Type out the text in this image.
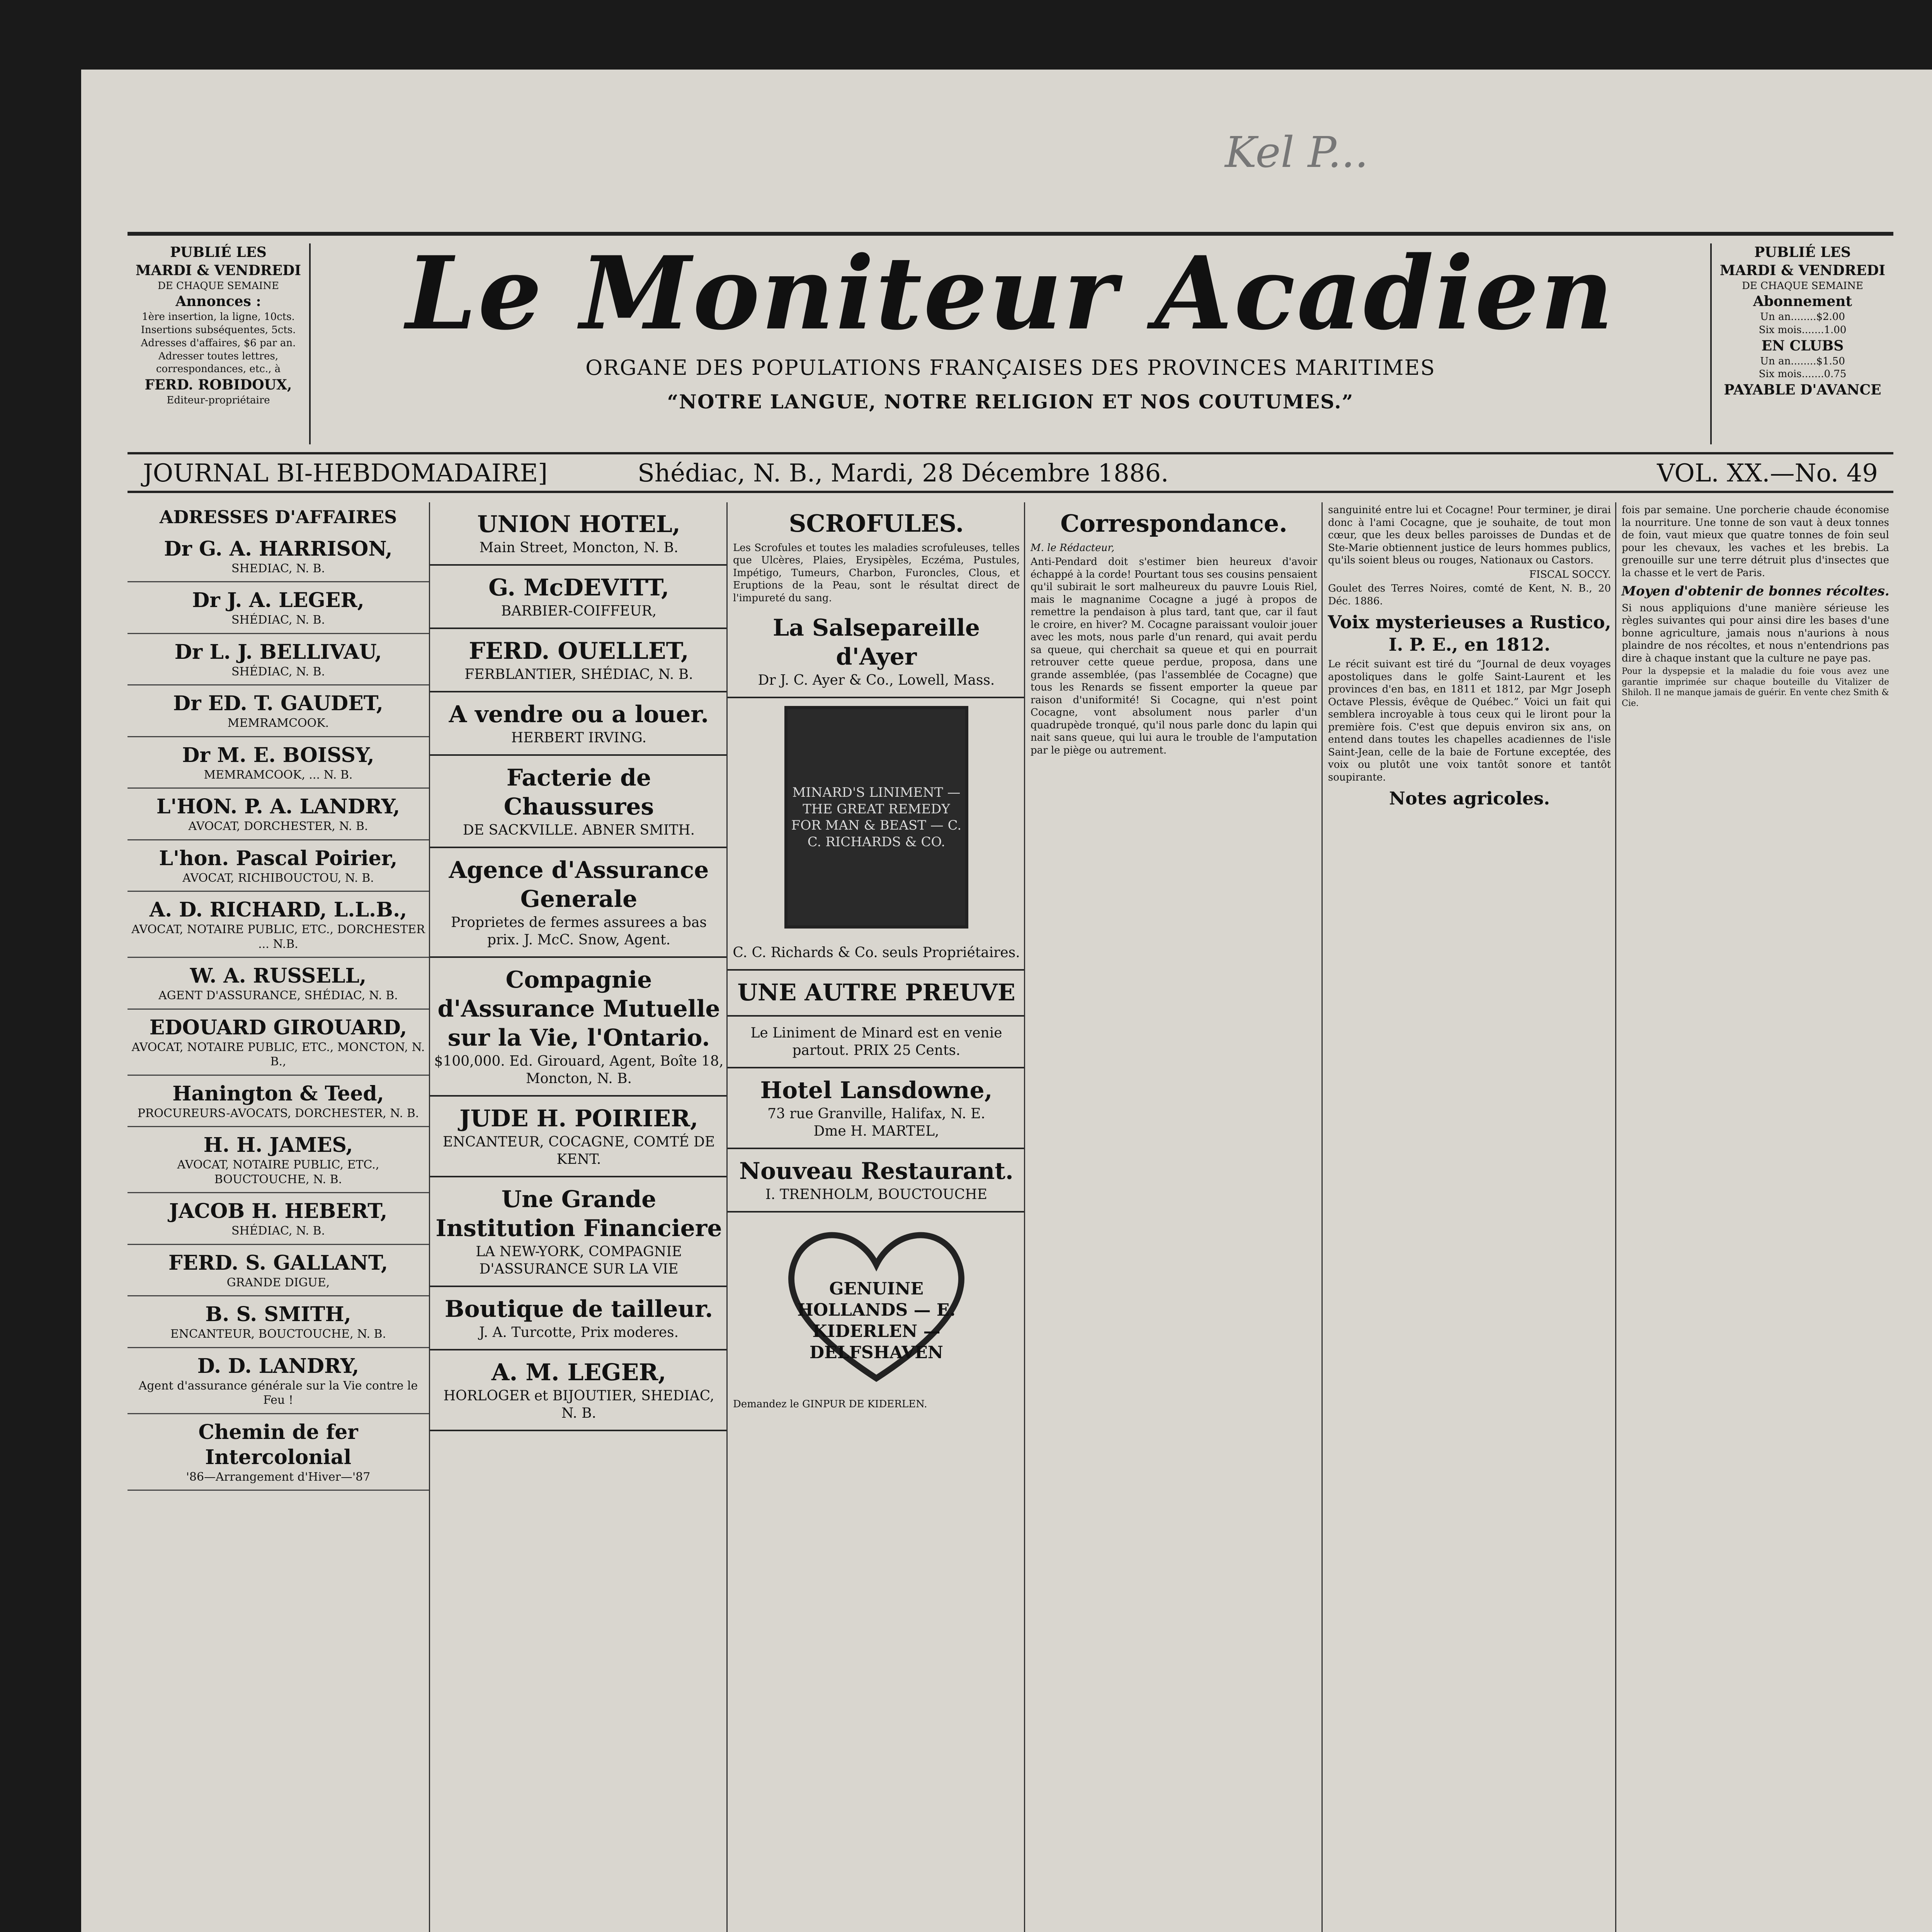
Kel P...
PUBLIÉ LES
MARDI & VENDREDI
DE CHAQUE SEMAINE
Annonces :
1ère insertion, la ligne, 10cts.
Insertions subséquentes, 5cts.
Adresses d'affaires, $6 par an.
Adresser toutes lettres, correspondances, etc., à
FERD. ROBIDOUX,
Editeur-propriétaire
Le Moniteur Acadien
ORGANE DES POPULATIONS FRANÇAISES DES PROVINCES MARITIMES
“NOTRE LANGUE, NOTRE RELIGION ET NOS COUTUMES.”
PUBLIÉ LES
MARDI & VENDREDI
DE CHAQUE SEMAINE
Abonnement
Un an........$2.00
Six mois.......1.00
EN CLUBS
Un an........$1.50
Six mois.......0.75
PAYABLE D'AVANCE
JOURNAL BI-HEBDOMADAIRE]	Shédiac, N. B., Mardi, 28 Décembre 1886.	VOL. XX.—No. 49
ADRESSES D'AFFAIRES
Dr G. A. HARRISON,
SHEDIAC, N. B.
Dr J. A. LEGER,
SHÉDIAC, N. B.
Dr L. J. BELLIVAU,
SHÉDIAC, N. B.
Dr ED. T. GAUDET,
MEMRAMCOOK.
Dr M. E. BOISSY,
MEMRAMCOOK, ... N. B.
L'HON. P. A. LANDRY,
AVOCAT, DORCHESTER, N. B.
L'hon. Pascal Poirier,
AVOCAT, RICHIBOUCTOU, N. B.
A. D. RICHARD, L.L.B.,
AVOCAT, NOTAIRE PUBLIC, ETC., DORCHESTER ... N.B.
W. A. RUSSELL,
AGENT D'ASSURANCE, SHÉDIAC, N. B.
EDOUARD GIROUARD,
AVOCAT, NOTAIRE PUBLIC, ETC., MONCTON, N. B.,
Hanington & Teed,
PROCUREURS-AVOCATS, DORCHESTER, N. B.
H. H. JAMES,
AVOCAT, NOTAIRE PUBLIC, ETC., BOUCTOUCHE, N. B.
JACOB H. HEBERT,
SHÉDIAC, N. B.
FERD. S. GALLANT,
GRANDE DIGUE,
B. S. SMITH,
ENCANTEUR, BOUCTOUCHE, N. B.
D. D. LANDRY,
Agent d'assurance générale sur la Vie contre le Feu !
Chemin de fer Intercolonial
'86—Arrangement d'Hiver—'87
UNION HOTEL,
Main Street, Moncton, N. B.
G. McDEVITT,
BARBIER-COIFFEUR,
FERD. OUELLET,
FERBLANTIER, SHÉDIAC, N. B.
A vendre ou a louer.
HERBERT IRVING.
Facterie de Chaussures
DE SACKVILLE. ABNER SMITH.
Agence d'Assurance Generale
Proprietes de fermes assurees a bas prix. J. McC. Snow, Agent.
Compagnie d'Assurance Mutuelle sur la Vie, l'Ontario.
$100,000. Ed. Girouard, Agent, Boîte 18, Moncton, N. B.
JUDE H. POIRIER,
ENCANTEUR, COCAGNE, COMTÉ DE KENT.
Une Grande Institution Financiere
LA NEW-YORK, COMPAGNIE D'ASSURANCE SUR LA VIE
Boutique de tailleur.
J. A. Turcotte, Prix moderes.
A. M. LEGER,
HORLOGER et BIJOUTIER, SHEDIAC, N. B.
SCROFULES.

Les Scrofules et toutes les maladies scrofuleuses, telles que Ulcères, Plaies, Erysipèles, Eczéma, Pustules, Impétigo, Tumeurs, Charbon, Furoncles, Clous, et Eruptions de la Peau, sont le résultat direct de l'impureté du sang.

La Salsepareille d'Ayer
Dr J. C. Ayer & Co., Lowell, Mass.
MINARD'S LINIMENT — THE GREAT REMEDY FOR MAN & BEAST — C. C. RICHARDS & CO.
C. C. Richards & Co. seuls Propriétaires.
UNE AUTRE PREUVE
Le Liniment de Minard est en venie partout. PRIX 25 Cents.
Hotel Lansdowne,
73 rue Granville, Halifax, N. E.
Dme H. MARTEL,
Nouveau Restaurant.
I. TRENHOLM, BOUCTOUCHE
GENUINE HOLLANDS — E. KIDERLEN — DELFSHAVEN

Demandez le GINPUR DE KIDERLEN.

Correspondance.

M. le Rédacteur,

Anti-Pendard doit s'estimer bien heureux d'avoir échappé à la corde! Pourtant tous ses cousins pensaient qu'il subirait le sort malheureux du pauvre Louis Riel, mais le magnanime Cocagne a jugé à propos de remettre la pendaison à plus tard, tant que, car il faut le croire, en hiver? M. Cocagne paraissant vouloir jouer avec les mots, nous parle d'un renard, qui avait perdu sa queue, qui cherchait sa queue et qui en pourrait retrouver cette queue perdue, proposa, dans une grande assemblée, (pas l'assemblée de Cocagne) que tous les Renards se fissent emporter la queue par raison d'uniformité! Si Cocagne, qui n'est point Cocagne, vont absolument nous parler d'un quadrupède tronqué, qu'il nous parle donc du lapin qui nait sans queue, qui lui aura le trouble de l'amputation par le piège ou autrement.

sanguinité entre lui et Cocagne! Pour terminer, je dirai donc à l'ami Cocagne, que je souhaite, de tout mon cœur, que les deux belles paroisses de Dundas et de Ste-Marie obtiennent justice de leurs hommes publics, qu'ils soient bleus ou rouges, Nationaux ou Castors.

FISCAL SOCCY.

Goulet des Terres Noires, comté de Kent, N. B., 20 Déc. 1886.

Voix mysterieuses a Rustico, I. P. E., en 1812.

Le récit suivant est tiré du “Journal de deux voyages apostoliques dans le golfe Saint-Laurent et les provinces d'en bas, en 1811 et 1812, par Mgr Joseph Octave Plessis, évêque de Québec.” Voici un fait qui semblera incroyable à tous ceux qui le liront pour la première fois. C'est que depuis environ six ans, on entend dans toutes les chapelles acadiennes de l'isle Saint-Jean, celle de la baie de Fortune exceptée, des voix ou plutôt une voix tantôt sonore et tantôt soupirante.

Notes agricoles.

fois par semaine. Une porcherie chaude économise la nourriture. Une tonne de son vaut à deux tonnes de foin, vaut mieux que quatre tonnes de foin seul pour les chevaux, les vaches et les brebis. La grenouille sur une terre détruit plus d'insectes que la chasse et le vert de Paris.

Moyen d'obtenir de bonnes récoltes.

Si nous appliquions d'une manière sérieuse les règles suivantes qui pour ainsi dire les bases d'une bonne agriculture, jamais nous n'aurions à nous plaindre de nos récoltes, et nous n'entendrions pas dire à chaque instant que la culture ne paye pas.

Pour la dyspepsie et la maladie du foie vous avez une garantie imprimée sur chaque bouteille du Vitalizer de Shiloh. Il ne manque jamais de guérir. En vente chez Smith & Cie.
